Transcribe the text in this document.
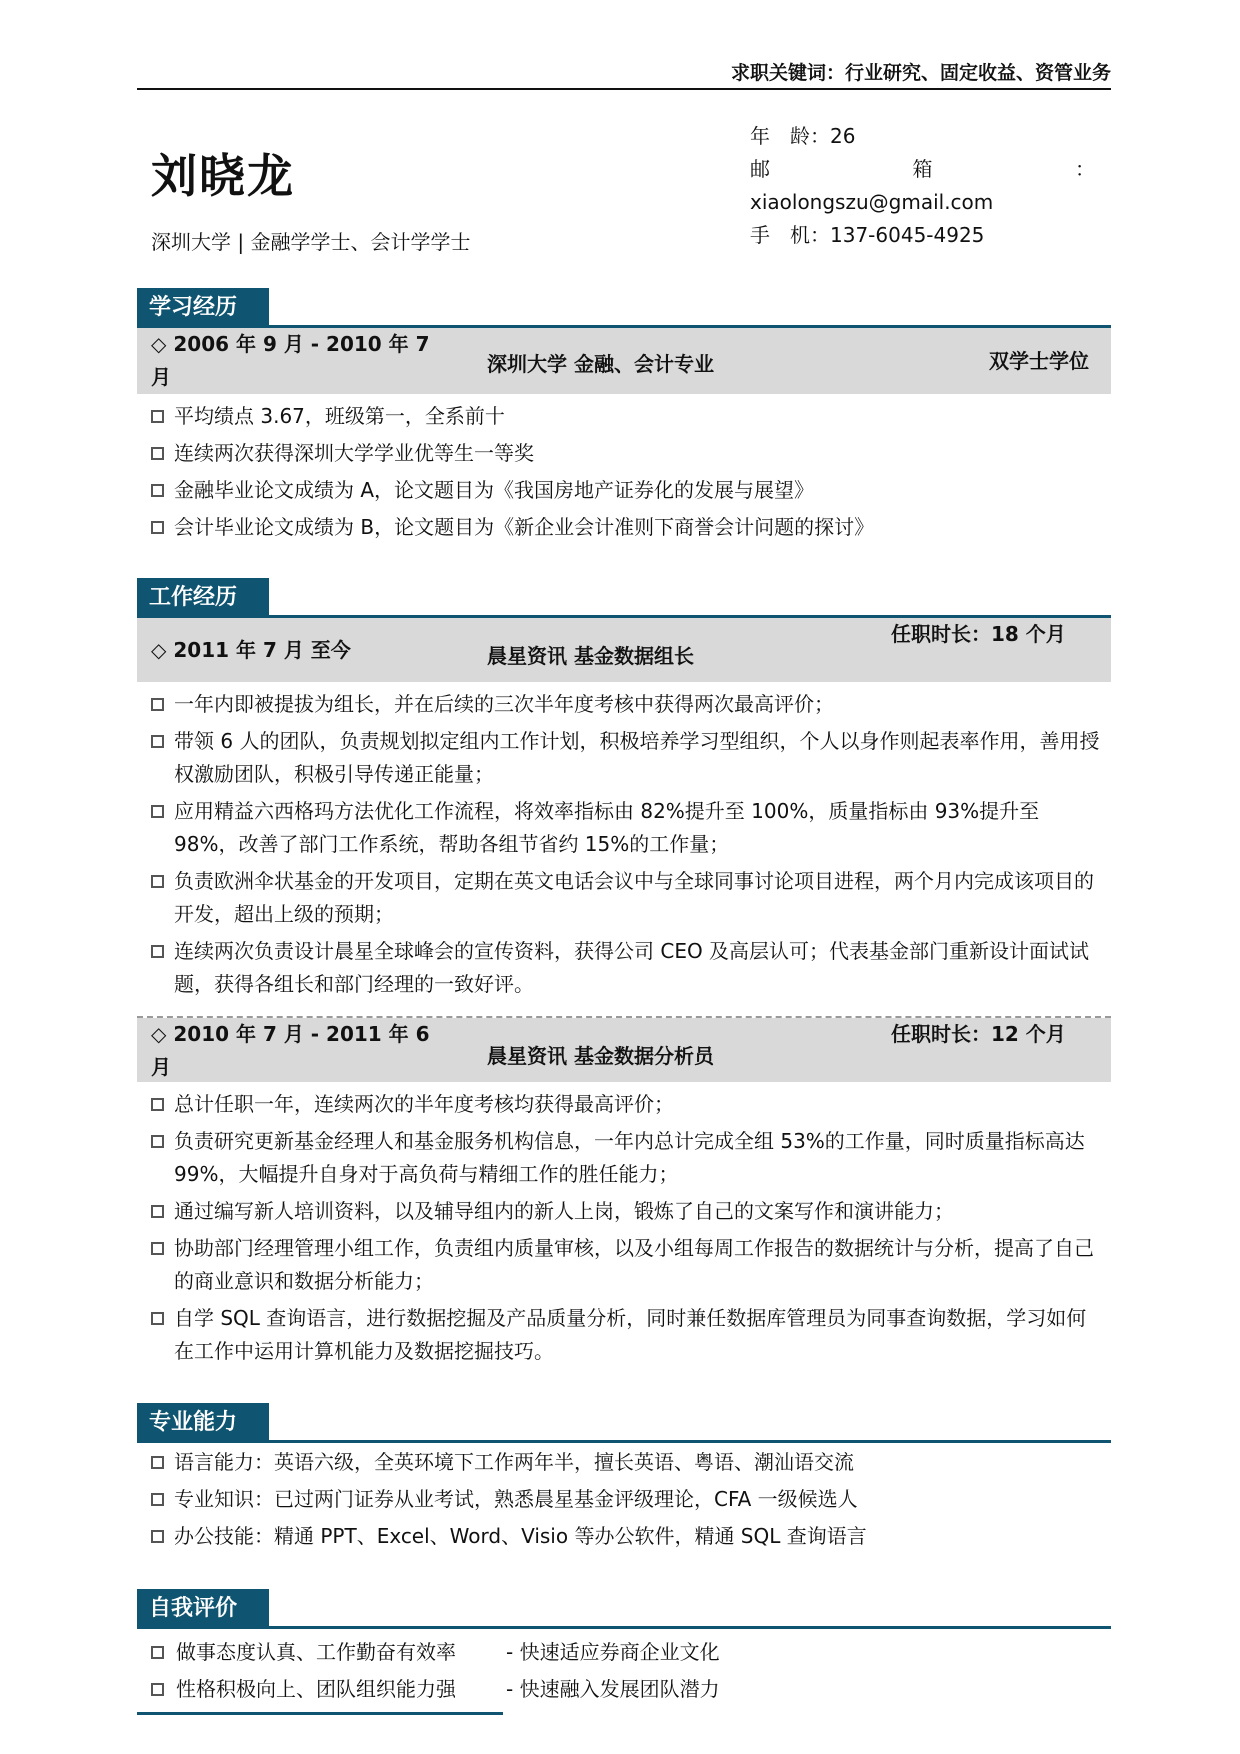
求职关键词：行业研究、固定收益、资管业务
刘晓龙
深圳大学 | 金融学学士、会计学学士
年　龄： 26
邮	箱	：
xiaolongszu@gmail.com
手　机： 137-6045-4925
学习经历
◇ 2006 年 9 月 - 2010 年 7 月
深圳大学 金融、会计专业	双学士学位
平均绩点 3.67，班级第一，全系前十
连续两次获得深圳大学学业优等生一等奖
金融毕业论文成绩为 A，论文题目为《我国房地产证券化的发展与展望》
会计毕业论文成绩为 B，论文题目为《新企业会计准则下商誉会计问题的探讨》
工作经历
◇ 2011 年 7 月 至今	晨星资讯 基金数据组长
任职时长：18 个月
一年内即被提拔为组长，并在后续的三次半年度考核中获得两次最高评价；
带领 6 人的团队，负责规划拟定组内工作计划，积极培养学习型组织，个人以身作则起表率作用，善用授权激励团队，积极引导传递正能量；
应用精益六西格玛方法优化工作流程，将效率指标由 82%提升至 100%，质量指标由 93%提升至 98%，改善了部门工作系统，帮助各组节省约 15%的工作量；
负责欧洲伞状基金的开发项目，定期在英文电话会议中与全球同事讨论项目进程，两个月内完成该项目的开发，超出上级的预期；
连续两次负责设计晨星全球峰会的宣传资料，获得公司 CEO 及高层认可；代表基金部门重新设计面试试题，获得各组长和部门经理的一致好评。
◇ 2010 年 7 月 - 2011 年 6 月	晨星资讯 基金数据分析员
任职时长：12 个月
总计任职一年，连续两次的半年度考核均获得最高评价；
负责研究更新基金经理人和基金服务机构信息，一年内总计完成全组 53%的工作量，同时质量指标高达 99%，大幅提升自身对于高负荷与精细工作的胜任能力；
通过编写新人培训资料，以及辅导组内的新人上岗，锻炼了自己的文案写作和演讲能力；
协助部门经理管理小组工作，负责组内质量审核，以及小组每周工作报告的数据统计与分析，提高了自己的商业意识和数据分析能力；
自学 SQL 查询语言，进行数据挖掘及产品质量分析，同时兼任数据库管理员为同事查询数据，学习如何在工作中运用计算机能力及数据挖掘技巧。
专业能力
语言能力：英语六级，全英环境下工作两年半，擅长英语、粤语、潮汕语交流
专业知识：已过两门证券从业考试，熟悉晨星基金评级理论，CFA 一级候选人
办公技能：精通 PPT、Excel、Word、Visio 等办公软件，精通 SQL 查询语言
自我评价
做事态度认真、工作勤奋有效率	- 快速适应券商企业文化
性格积极向上、团队组织能力强	- 快速融入发展团队潜力
